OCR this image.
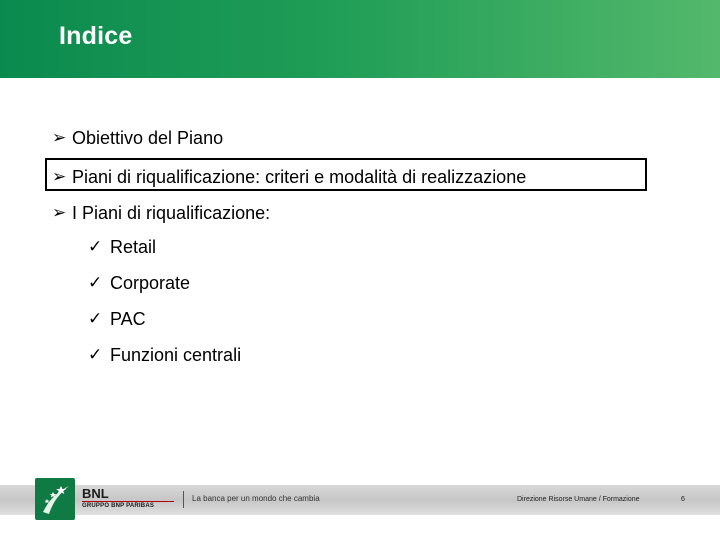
Indice
➢ Obiettivo del Piano
➢ Piani di riqualificazione: criteri e modalità di realizzazione
➢ I Piani di riqualificazione:
✓ Retail
✓ Corporate
✓ PAC
✓ Funzioni centrali
BNL
GRUPPO BNP PARIBAS
La banca per un mondo che cambia	Direzione Risorse Umane / Formazione	6
